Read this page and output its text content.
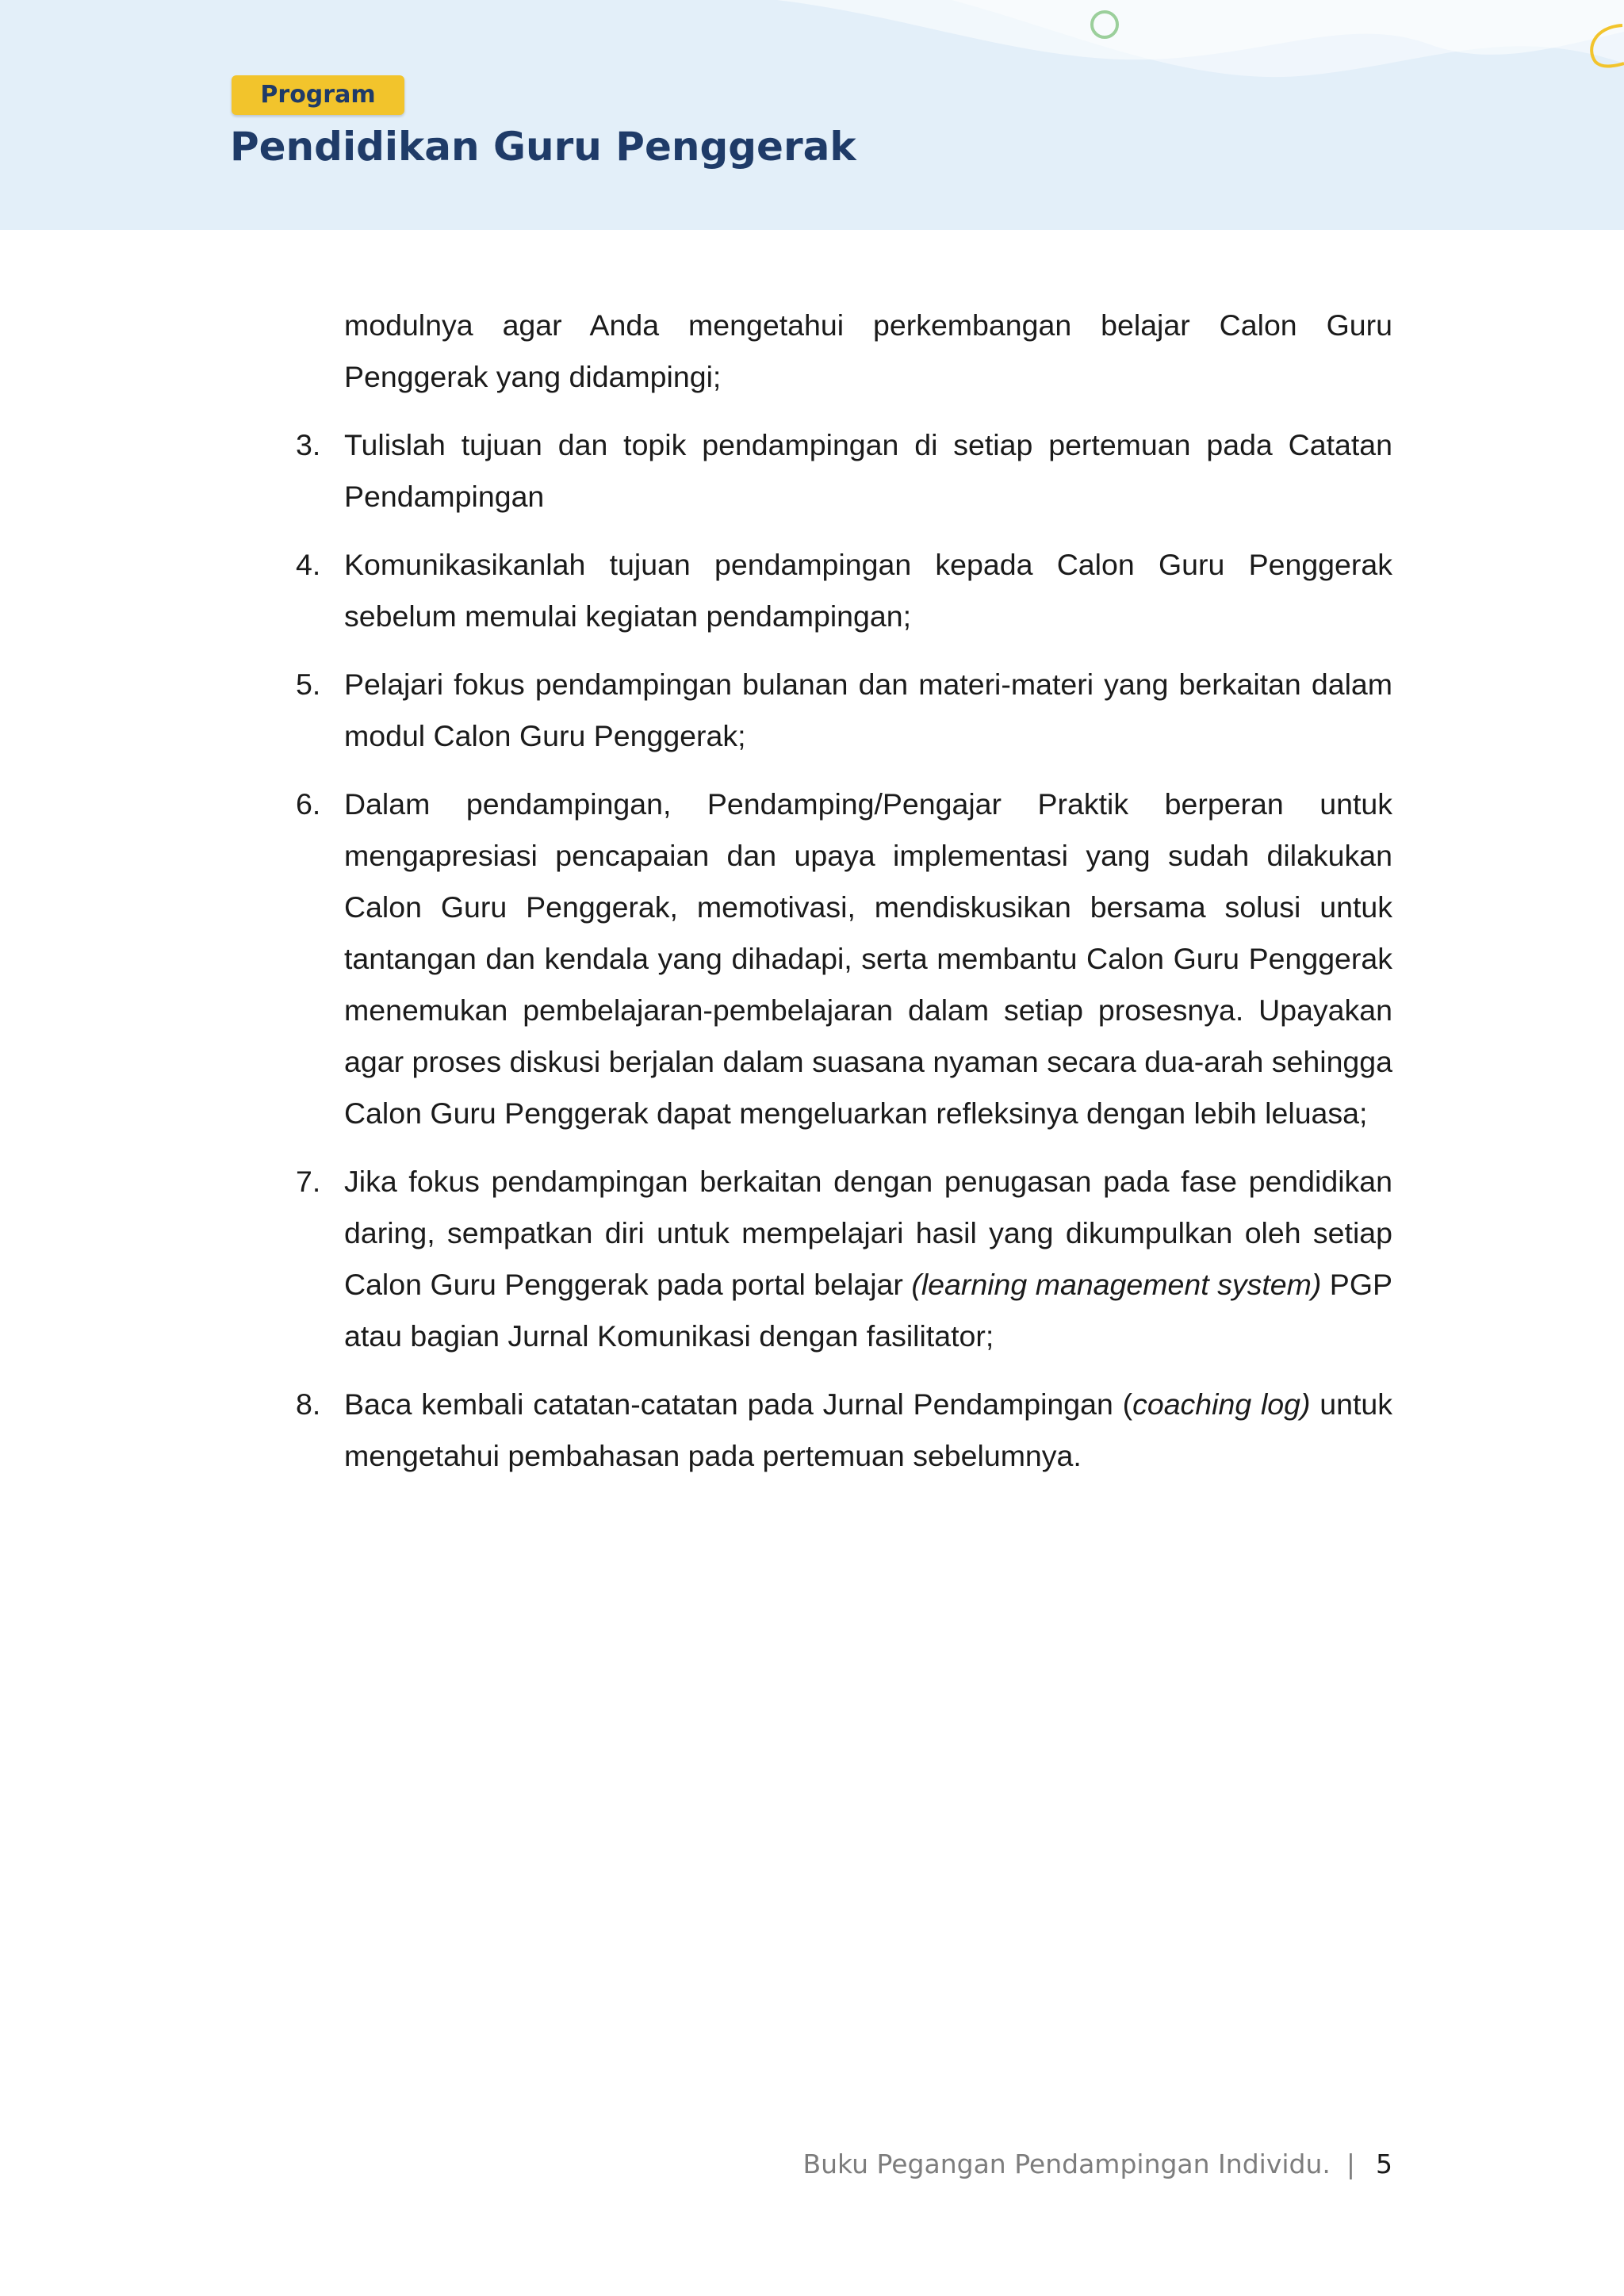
Program
Pendidikan Guru Penggerak
modulnya agar Anda mengetahui perkembangan belajar Calon Guru Penggerak yang didampingi;
3. Tulislah tujuan dan topik pendampingan di setiap pertemuan pada Catatan Pendampingan
4. Komunikasikanlah tujuan pendampingan kepada Calon Guru Penggerak sebelum memulai kegiatan pendampingan;
5. Pelajari fokus pendampingan bulanan dan materi-materi yang berkaitan dalam modul Calon Guru Penggerak;
6. Dalam pendampingan, Pendamping/Pengajar Praktik berperan untuk mengapresiasi pencapaian dan upaya implementasi yang sudah dilakukan Calon Guru Penggerak, memotivasi, mendiskusikan bersama solusi untuk tantangan dan kendala yang dihadapi, serta membantu Calon Guru Penggerak menemukan pembelajaran-pembelajaran dalam setiap prosesnya. Upayakan agar proses diskusi berjalan dalam suasana nyaman secara dua-arah sehingga Calon Guru Penggerak dapat mengeluarkan refleksinya dengan lebih leluasa;
7. Jika fokus pendampingan berkaitan dengan penugasan pada fase pendidikan daring, sempatkan diri untuk mempelajari hasil yang dikumpulkan oleh setiap Calon Guru Penggerak pada portal belajar (learning management system) PGP atau bagian Jurnal Komunikasi dengan fasilitator;
8. Baca kembali catatan-catatan pada Jurnal Pendampingan (coaching log) untuk mengetahui pembahasan pada pertemuan sebelumnya.
Buku Pegangan Pendampingan Individu. | 5
